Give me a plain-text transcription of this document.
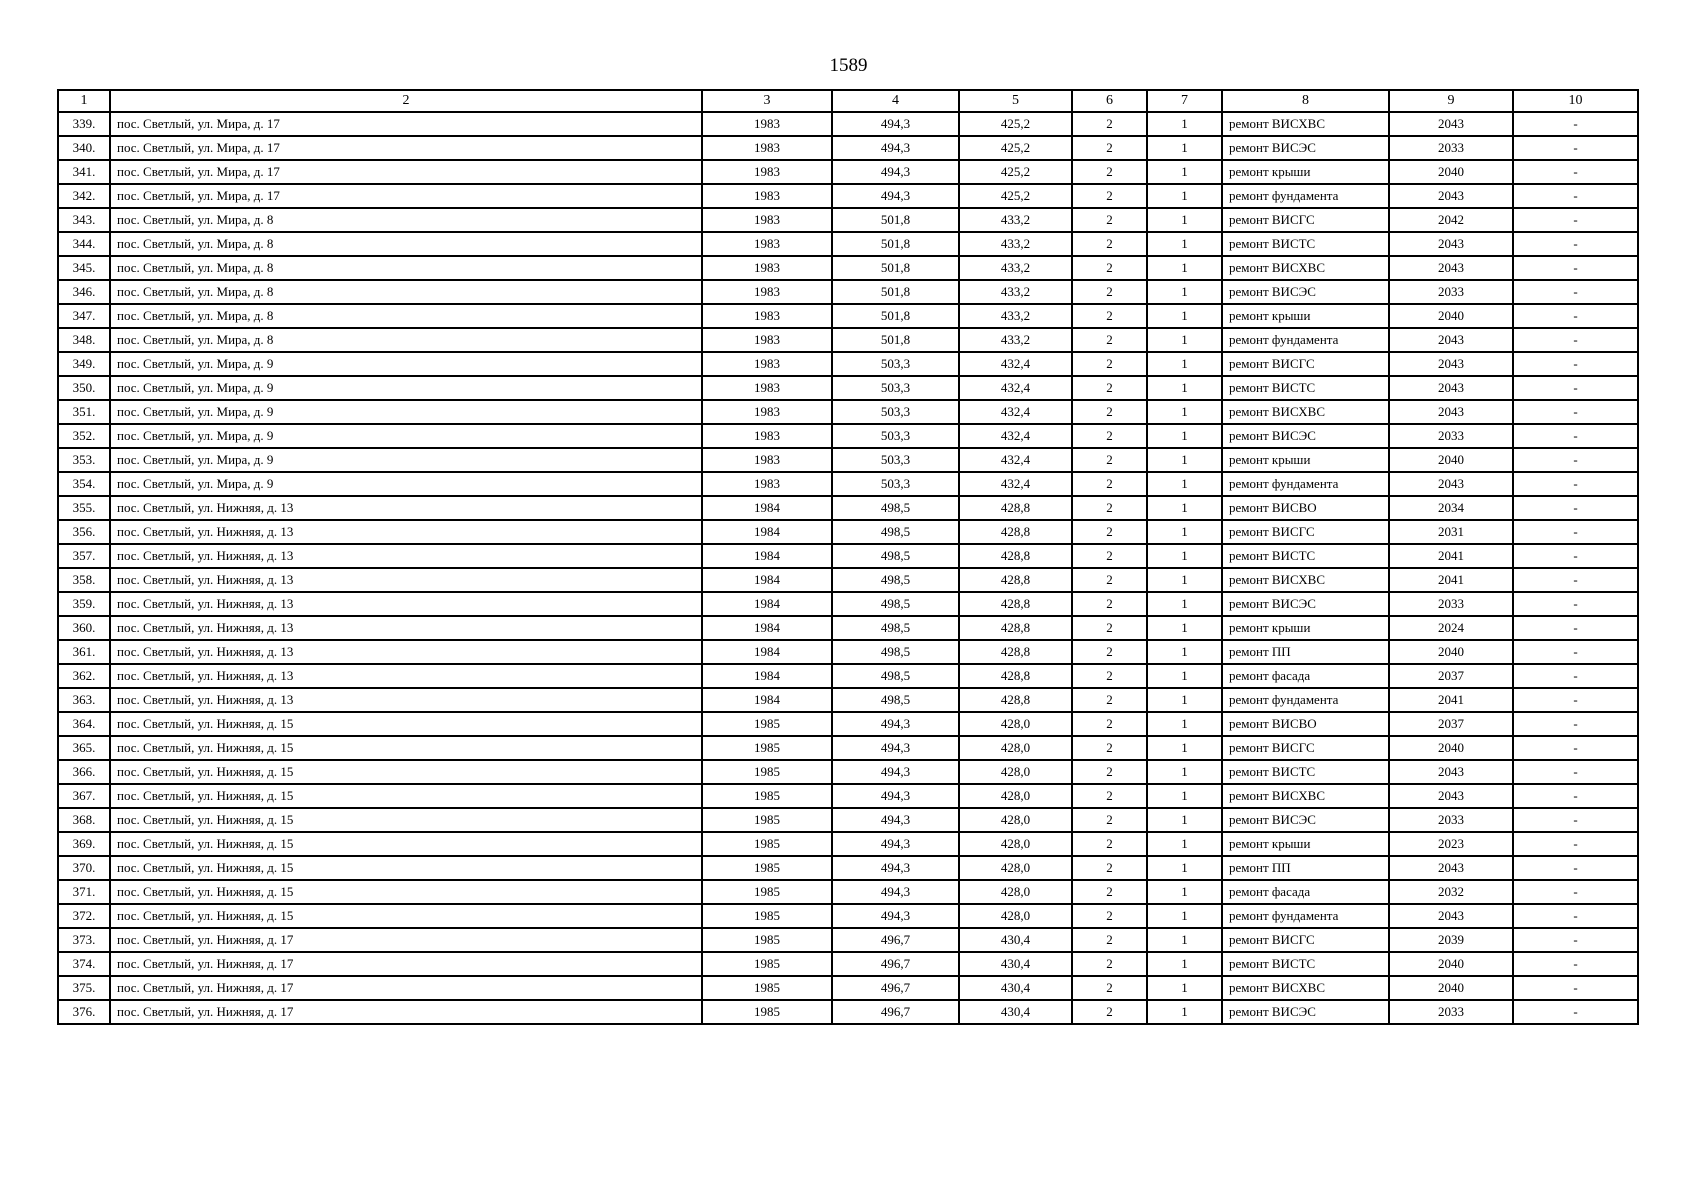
1589
1	2	3	4	5	6	7	8	9	10
339.	пос. Светлый, ул. Мира, д. 17	1983	494,3	425,2	2	1	ремонт ВИСХВС	2043	-
340.	пос. Светлый, ул. Мира, д. 17	1983	494,3	425,2	2	1	ремонт ВИСЭС	2033	-
341.	пос. Светлый, ул. Мира, д. 17	1983	494,3	425,2	2	1	ремонт крыши	2040	-
342.	пос. Светлый, ул. Мира, д. 17	1983	494,3	425,2	2	1	ремонт фундамента	2043	-
343.	пос. Светлый, ул. Мира, д. 8	1983	501,8	433,2	2	1	ремонт ВИСГС	2042	-
344.	пос. Светлый, ул. Мира, д. 8	1983	501,8	433,2	2	1	ремонт ВИСТС	2043	-
345.	пос. Светлый, ул. Мира, д. 8	1983	501,8	433,2	2	1	ремонт ВИСХВС	2043	-
346.	пос. Светлый, ул. Мира, д. 8	1983	501,8	433,2	2	1	ремонт ВИСЭС	2033	-
347.	пос. Светлый, ул. Мира, д. 8	1983	501,8	433,2	2	1	ремонт крыши	2040	-
348.	пос. Светлый, ул. Мира, д. 8	1983	501,8	433,2	2	1	ремонт фундамента	2043	-
349.	пос. Светлый, ул. Мира, д. 9	1983	503,3	432,4	2	1	ремонт ВИСГС	2043	-
350.	пос. Светлый, ул. Мира, д. 9	1983	503,3	432,4	2	1	ремонт ВИСТС	2043	-
351.	пос. Светлый, ул. Мира, д. 9	1983	503,3	432,4	2	1	ремонт ВИСХВС	2043	-
352.	пос. Светлый, ул. Мира, д. 9	1983	503,3	432,4	2	1	ремонт ВИСЭС	2033	-
353.	пос. Светлый, ул. Мира, д. 9	1983	503,3	432,4	2	1	ремонт крыши	2040	-
354.	пос. Светлый, ул. Мира, д. 9	1983	503,3	432,4	2	1	ремонт фундамента	2043	-
355.	пос. Светлый, ул. Нижняя, д. 13	1984	498,5	428,8	2	1	ремонт ВИСВО	2034	-
356.	пос. Светлый, ул. Нижняя, д. 13	1984	498,5	428,8	2	1	ремонт ВИСГС	2031	-
357.	пос. Светлый, ул. Нижняя, д. 13	1984	498,5	428,8	2	1	ремонт ВИСТС	2041	-
358.	пос. Светлый, ул. Нижняя, д. 13	1984	498,5	428,8	2	1	ремонт ВИСХВС	2041	-
359.	пос. Светлый, ул. Нижняя, д. 13	1984	498,5	428,8	2	1	ремонт ВИСЭС	2033	-
360.	пос. Светлый, ул. Нижняя, д. 13	1984	498,5	428,8	2	1	ремонт крыши	2024	-
361.	пос. Светлый, ул. Нижняя, д. 13	1984	498,5	428,8	2	1	ремонт ПП	2040	-
362.	пос. Светлый, ул. Нижняя, д. 13	1984	498,5	428,8	2	1	ремонт фасада	2037	-
363.	пос. Светлый, ул. Нижняя, д. 13	1984	498,5	428,8	2	1	ремонт фундамента	2041	-
364.	пос. Светлый, ул. Нижняя, д. 15	1985	494,3	428,0	2	1	ремонт ВИСВО	2037	-
365.	пос. Светлый, ул. Нижняя, д. 15	1985	494,3	428,0	2	1	ремонт ВИСГС	2040	-
366.	пос. Светлый, ул. Нижняя, д. 15	1985	494,3	428,0	2	1	ремонт ВИСТС	2043	-
367.	пос. Светлый, ул. Нижняя, д. 15	1985	494,3	428,0	2	1	ремонт ВИСХВС	2043	-
368.	пос. Светлый, ул. Нижняя, д. 15	1985	494,3	428,0	2	1	ремонт ВИСЭС	2033	-
369.	пос. Светлый, ул. Нижняя, д. 15	1985	494,3	428,0	2	1	ремонт крыши	2023	-
370.	пос. Светлый, ул. Нижняя, д. 15	1985	494,3	428,0	2	1	ремонт ПП	2043	-
371.	пос. Светлый, ул. Нижняя, д. 15	1985	494,3	428,0	2	1	ремонт фасада	2032	-
372.	пос. Светлый, ул. Нижняя, д. 15	1985	494,3	428,0	2	1	ремонт фундамента	2043	-
373.	пос. Светлый, ул. Нижняя, д. 17	1985	496,7	430,4	2	1	ремонт ВИСГС	2039	-
374.	пос. Светлый, ул. Нижняя, д. 17	1985	496,7	430,4	2	1	ремонт ВИСТС	2040	-
375.	пос. Светлый, ул. Нижняя, д. 17	1985	496,7	430,4	2	1	ремонт ВИСХВС	2040	-
376.	пос. Светлый, ул. Нижняя, д. 17	1985	496,7	430,4	2	1	ремонт ВИСЭС	2033	-
